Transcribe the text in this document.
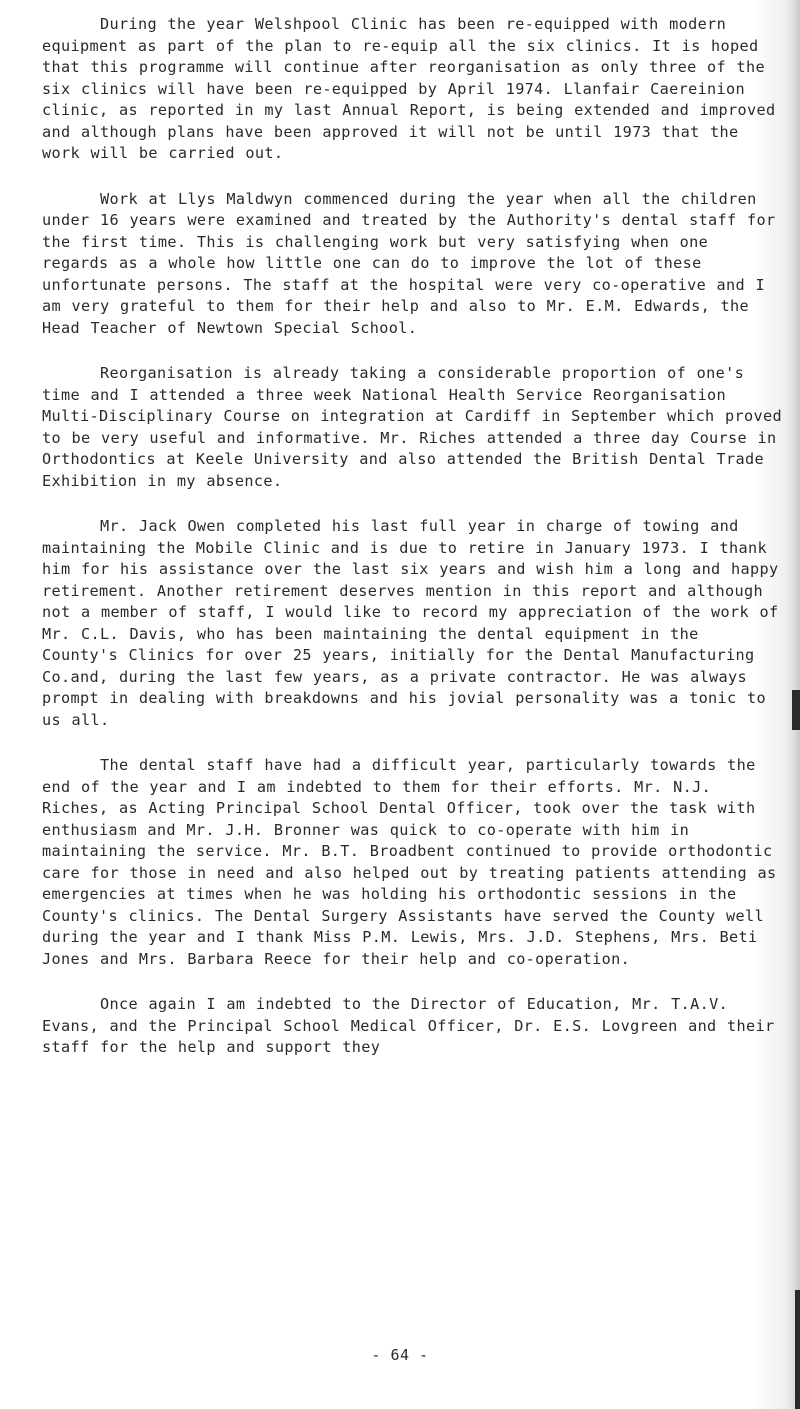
During the year Welshpool Clinic has been re-equipped with modern equipment as part of the plan to re-equip all the six clinics. It is hoped that this programme will continue after reorganisation as only three of the six clinics will have been re-equipped by April 1974. Llanfair Caereinion clinic, as reported in my last Annual Report, is being extended and improved and although plans have been approved it will not be until 1973 that the work will be carried out.

Work at Llys Maldwyn commenced during the year when all the children under 16 years were examined and treated by the Authority's dental staff for the first time. This is challenging work but very satisfying when one regards as a whole how little one can do to improve the lot of these unfortunate persons. The staff at the hospital were very co-operative and I am very grateful to them for their help and also to Mr. E.M. Edwards, the Head Teacher of Newtown Special School.

Reorganisation is already taking a considerable proportion of one's time and I attended a three week National Health Service Reorganisation Multi-Disciplinary Course on integration at Cardiff in September which proved to be very useful and informative. Mr. Riches attended a three day Course in Orthodontics at Keele University and also attended the British Dental Trade Exhibition in my absence.

Mr. Jack Owen completed his last full year in charge of towing and maintaining the Mobile Clinic and is due to retire in January 1973. I thank him for his assistance over the last six years and wish him a long and happy retirement. Another retirement deserves mention in this report and although not a member of staff, I would like to record my appreciation of the work of Mr. C.L. Davis, who has been maintaining the dental equipment in the County's Clinics for over 25 years, initially for the Dental Manufacturing Co.and, during the last few years, as a private contractor. He was always prompt in dealing with breakdowns and his jovial personality was a tonic to us all.

The dental staff have had a difficult year, particularly towards the end of the year and I am indebted to them for their efforts. Mr. N.J. Riches, as Acting Principal School Dental Officer, took over the task with enthusiasm and Mr. J.H. Bronner was quick to co-operate with him in maintaining the service. Mr. B.T. Broadbent continued to provide orthodontic care for those in need and also helped out by treating patients attending as emergencies at times when he was holding his orthodontic sessions in the County's clinics. The Dental Surgery Assistants have served the County well during the year and I thank Miss P.M. Lewis, Mrs. J.D. Stephens, Mrs. Beti Jones and Mrs. Barbara Reece for their help and co-operation.

Once again I am indebted to the Director of Education, Mr. T.A.V. Evans, and the Principal School Medical Officer, Dr. E.S. Lovgreen and their staff for the help and support they

- 64 -
